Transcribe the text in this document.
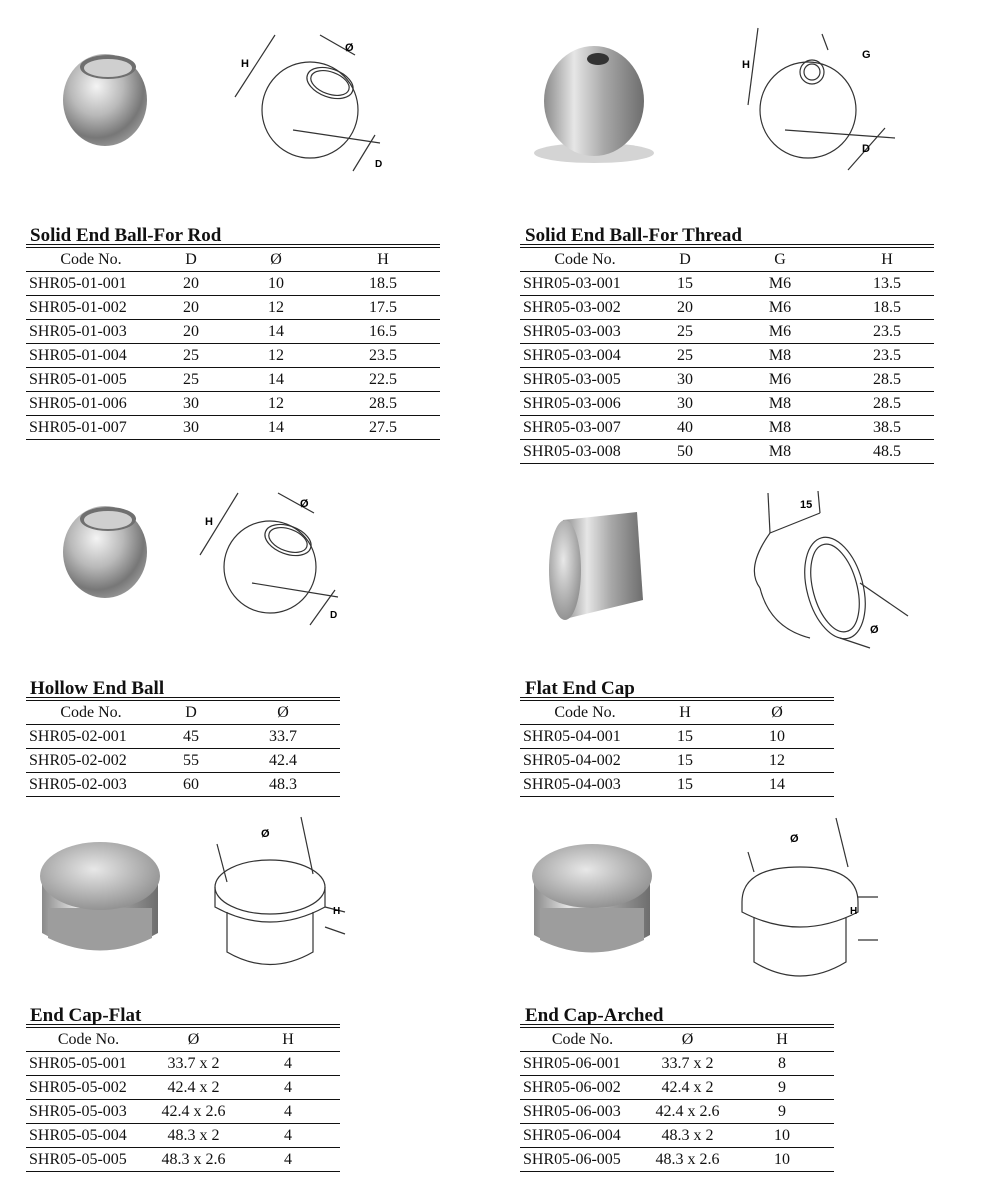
Ø
H
D
Solid End Ball-For Rod
Code No.	D	Ø	H
SHR05-01-001	20	10	18.5
SHR05-01-002	20	12	17.5
SHR05-01-003	20	14	16.5
SHR05-01-004	25	12	23.5
SHR05-01-005	25	14	22.5
SHR05-01-006	30	12	28.5
SHR05-01-007	30	14	27.5
H
G
D
Solid End Ball-For Thread
Code No.	D	G	H
SHR05-03-001	15	M6	13.5
SHR05-03-002	20	M6	18.5
SHR05-03-003	25	M6	23.5
SHR05-03-004	25	M8	23.5
SHR05-03-005	30	M6	28.5
SHR05-03-006	30	M8	28.5
SHR05-03-007	40	M8	38.5
SHR05-03-008	50	M8	48.5
Ø
H
D
Hollow End Ball
Code No.	D	Ø
SHR05-02-001	45	33.7
SHR05-02-002	55	42.4
SHR05-02-003	60	48.3
15
Ø
Flat End Cap
Code No.	H	Ø
SHR05-04-001	15	10
SHR05-04-002	15	12
SHR05-04-003	15	14
Ø
H
End Cap-Flat
Code No.	Ø	H
SHR05-05-001	33.7 x 2	4
SHR05-05-002	42.4 x 2	4
SHR05-05-003	42.4 x 2.6	4
SHR05-05-004	48.3 x 2	4
SHR05-05-005	48.3 x 2.6	4
Ø
H
End Cap-Arched
Code No.	Ø	H
SHR05-06-001	33.7 x 2	8
SHR05-06-002	42.4 x 2	9
SHR05-06-003	42.4 x 2.6	9
SHR05-06-004	48.3 x 2	10
SHR05-06-005	48.3 x 2.6	10
